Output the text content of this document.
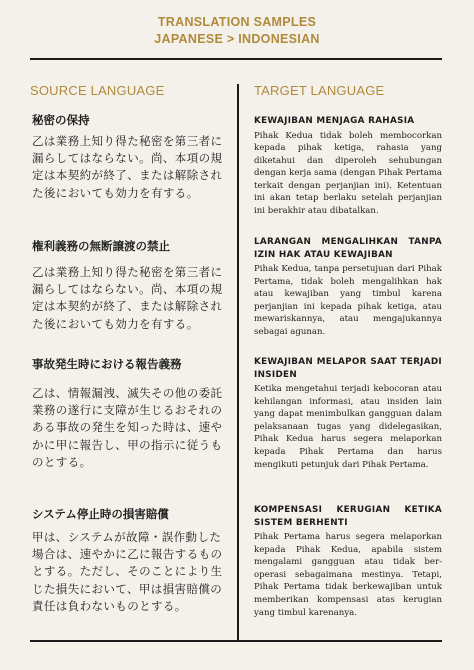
TRANSLATION SAMPLES
JAPANESE > INDONESIAN
SOURCE LANGUAGE	TARGET LANGUAGE
秘密の保持
乙は業務上知り得た秘密を第三者に
漏らしてはならない。尚、本項の規
定は本契約が終了、または解除され
た後においても効力を有する。
権利義務の無断譲渡の禁止
乙は業務上知り得た秘密を第三者に
漏らしてはならない。尚、本項の規
定は本契約が終了、または解除され
た後においても効力を有する。
事故発生時における報告義務
乙は、情報漏洩、滅失その他の委託
業務の遂行に支障が生じるおそれの
ある事故の発生を知った時は、速や
かに甲に報告し、甲の指示に従うも
のとする。
システム停止時の損害賠償
甲は、システムが故障・誤作動した
場合は、速やかに乙に報告するもの
とする。ただし、そのことにより生
じた損失において、甲は損害賠償の
責任は負わないものとする。
KEWAJIBAN MENJAGA RAHASIA
Pihak Kedua tidak boleh membocorkan kepada pihak ketiga, rahasia yang diketahui dan diperoleh sehubungan dengan kerja sama (dengan Pihak Pertama terkait dengan perjanjian ini). Ketentuan ini akan tetap berlaku setelah perjanjian ini berakhir atau dibatalkan.
LARANGAN MENGALIHKAN TANPA IZIN HAK ATAU KEWAJIBAN
Pihak Kedua, tanpa persetujuan dari Pihak Pertama, tidak boleh mengalihkan hak atau kewajiban yang timbul karena perjanjian ini kepada pihak ketiga, atau mewariskannya, atau mengajukannya sebagai agunan.
KEWAJIBAN MELAPOR SAAT TERJADI INSIDEN
Ketika mengetahui terjadi kebocoran atau kehilangan informasi, atau insiden lain yang dapat menimbulkan gangguan dalam pelaksanaan tugas yang didelegasikan, Pihak Kedua harus segera melaporkan kepada Pihak Pertama dan harus mengikuti petunjuk dari Pihak Pertama.
KOMPENSASI KERUGIAN KETIKA SISTEM BERHENTI
Pihak Pertama harus segera melaporkan kepada Pihak Kedua, apabila sistem mengalami gangguan atau tidak ber-operasi sebagaimana mestinya. Tetapi, Pihak Pertama tidak berkewajiban untuk memberikan kompensasi atas kerugian yang timbul karenanya.
